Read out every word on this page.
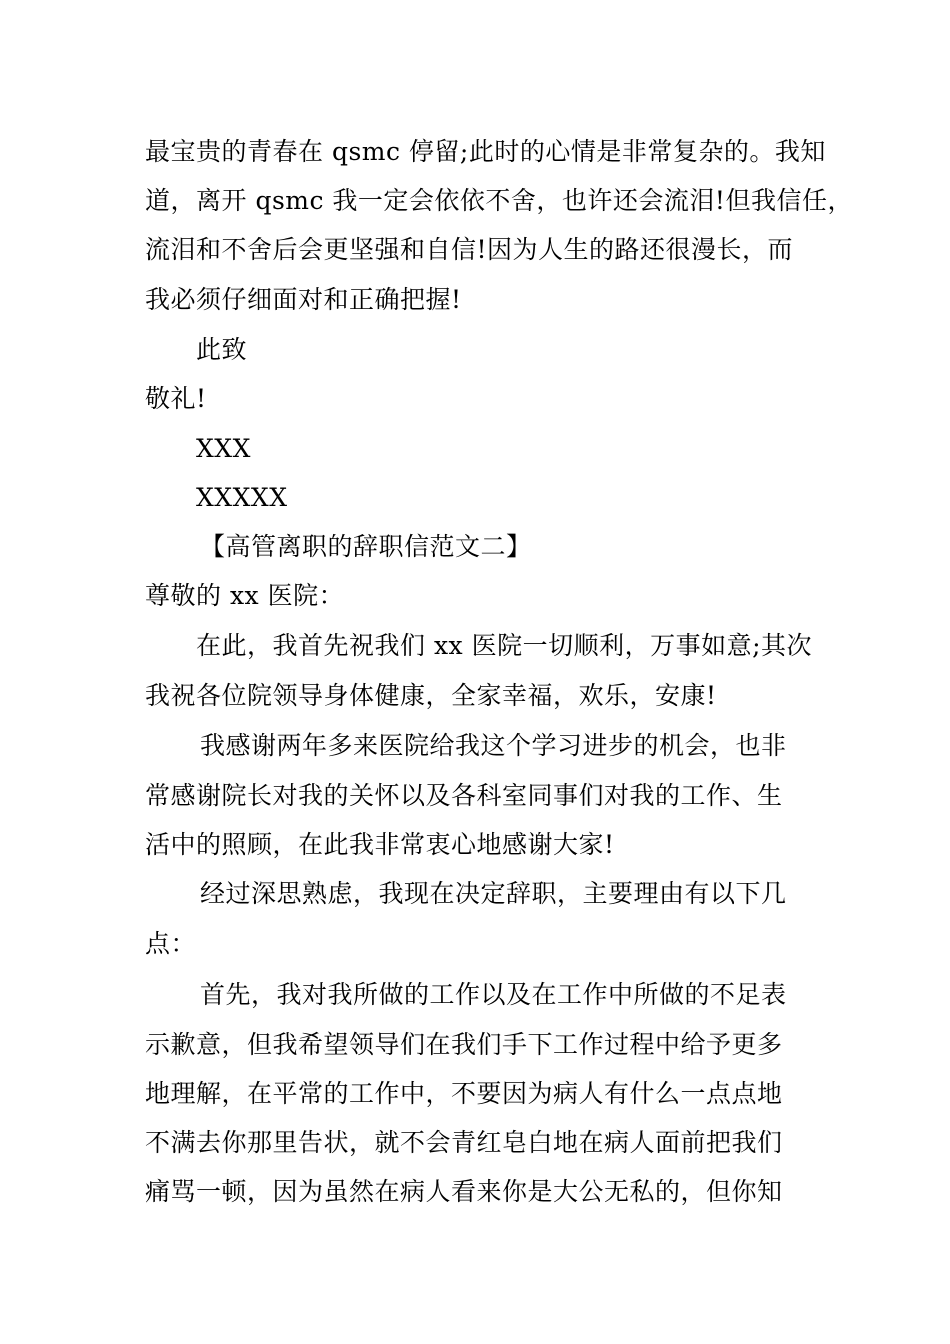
最宝贵的青春在 qsmc 停留;此时的心情是非常复杂的。我知
道，离开 qsmc 我一定会依依不舍，也许还会流泪!但我信任，
流泪和不舍后会更坚强和自信!因为人生的路还很漫长，而
我必须仔细面对和正确把握!
此致
敬礼!
XXX
XXXXX
【高管离职的辞职信范文二】
尊敬的 xx 医院：
在此，我首先祝我们 xx 医院一切顺利，万事如意;其次
我祝各位院领导身体健康，全家幸福，欢乐，安康!
我感谢两年多来医院给我这个学习进步的机会，也非
常感谢院长对我的关怀以及各科室同事们对我的工作、生
活中的照顾，在此我非常衷心地感谢大家!
经过深思熟虑，我现在决定辞职，主要理由有以下几
点：
首先，我对我所做的工作以及在工作中所做的不足表
示歉意，但我希望领导们在我们手下工作过程中给予更多
地理解，在平常的工作中，不要因为病人有什么一点点地
不满去你那里告状，就不会青红皂白地在病人面前把我们
痛骂一顿，因为虽然在病人看来你是大公无私的，但你知
